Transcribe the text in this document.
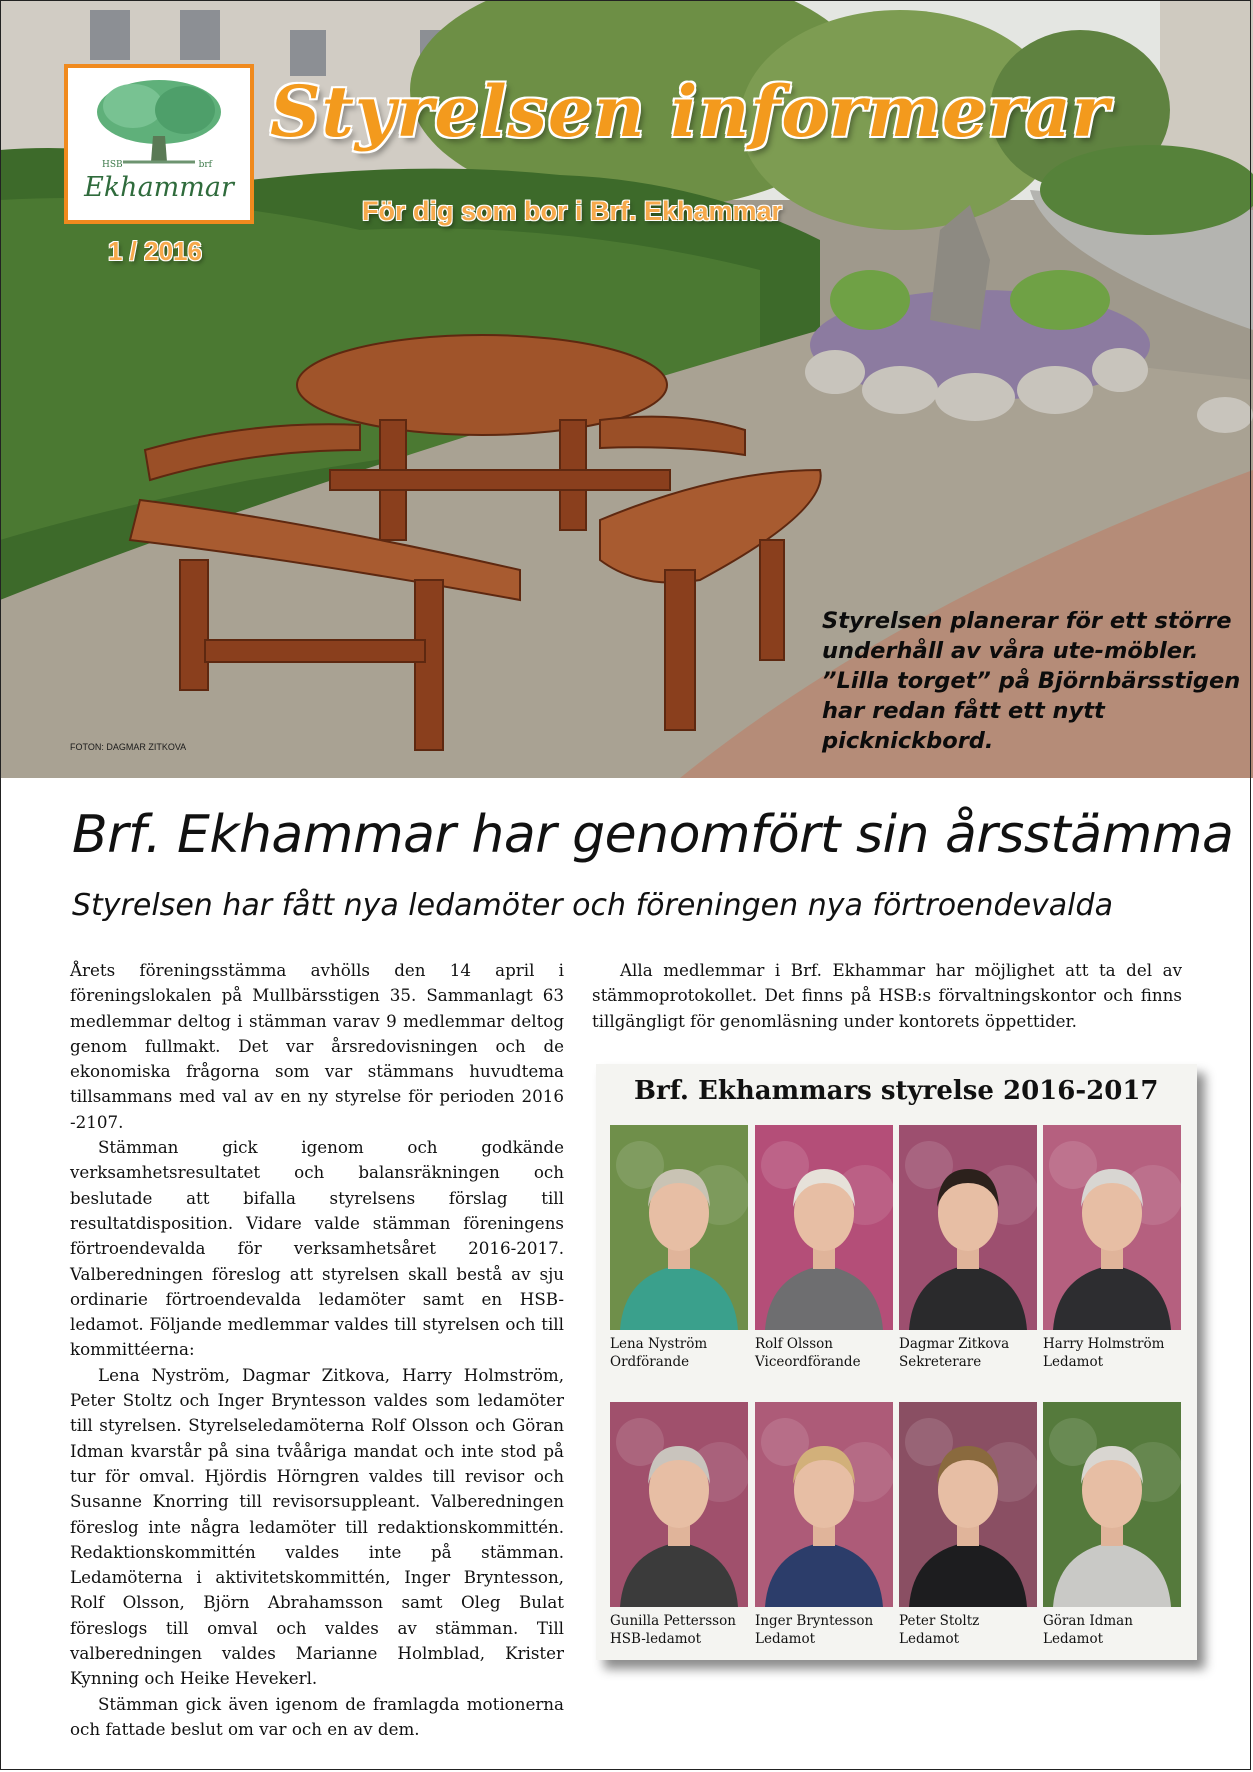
HSB	brf
Ekhammar
Styrelsen informerar
För dig som bor i Brf. Ekhammar
1 / 2016
Styrelsen planerar för ett större underhåll av våra ute-möbler. ”Lilla torget” på Björnbärsstigen har redan fått ett nytt picknickbord.
FOTON: DAGMAR ZITKOVA
Brf. Ekhammar har genomfört sin årsstämma
Styrelsen har fått nya ledamöter och föreningen nya förtroendevalda

Årets föreningsstämma avhölls den 14 april i föreningslokalen på Mullbärsstigen 35. Sammanlagt 63 medlemmar deltog i stämman varav 9 medlemmar deltog genom fullmakt. Det var årsredovisningen och de ekonomiska frågorna som var stämmans huvudtema tillsammans med val av en ny styrelse för perioden 2016 -2107.

Stämman gick igenom och godkände verksamhetsresultatet och balansräkningen och beslutade att bifalla styrelsens förslag till resultatdisposition. Vidare valde stämman föreningens förtroendevalda för verksamhetsåret 2016-2017. Valberedningen föreslog att styrelsen skall bestå av sju ordinarie förtroendevalda ledamöter samt en HSB-ledamot. Följande medlemmar valdes till styrelsen och till kommittéerna:

Lena Nyström, Dagmar Zitkova, Harry Holmström, Peter Stoltz och Inger Bryntesson valdes som ledamöter till styrelsen. Styrelseledamöterna Rolf Olsson och Göran Idman kvarstår på sina tvååriga mandat och inte stod på tur för omval. Hjördis Hörngren valdes till revisor och Susanne Knorring till revisorsuppleant. Valberedningen föreslog inte några ledamöter till redaktionskommittén. Redaktionskommittén valdes inte på stämman. Ledamöterna i aktivitetskommittén, Inger Bryntesson, Rolf Olsson, Björn Abrahamsson samt Oleg Bulat föreslogs till omval och valdes av stämman. Till valberedningen valdes Marianne Holmblad, Krister Kynning och Heike Hevekerl.

Stämman gick även igenom de framlagda motionerna och fattade beslut om var och en av dem.

Alla medlemmar i Brf. Ekhammar har möjlighet att ta del av stämmoprotokollet. Det finns på HSB:s förvaltningskontor och finns tillgängligt för genomläsning under kontorets öppettider.

Brf. Ekhammars styrelse 2016-2017
Lena Nyström
Ordförande
Rolf Olsson
Viceordförande
Dagmar Zitkova
Sekreterare
Harry Holmström
Ledamot
Gunilla Pettersson
HSB-ledamot
Inger Bryntesson
Ledamot
Peter Stoltz
Ledamot
Göran Idman
Ledamot
